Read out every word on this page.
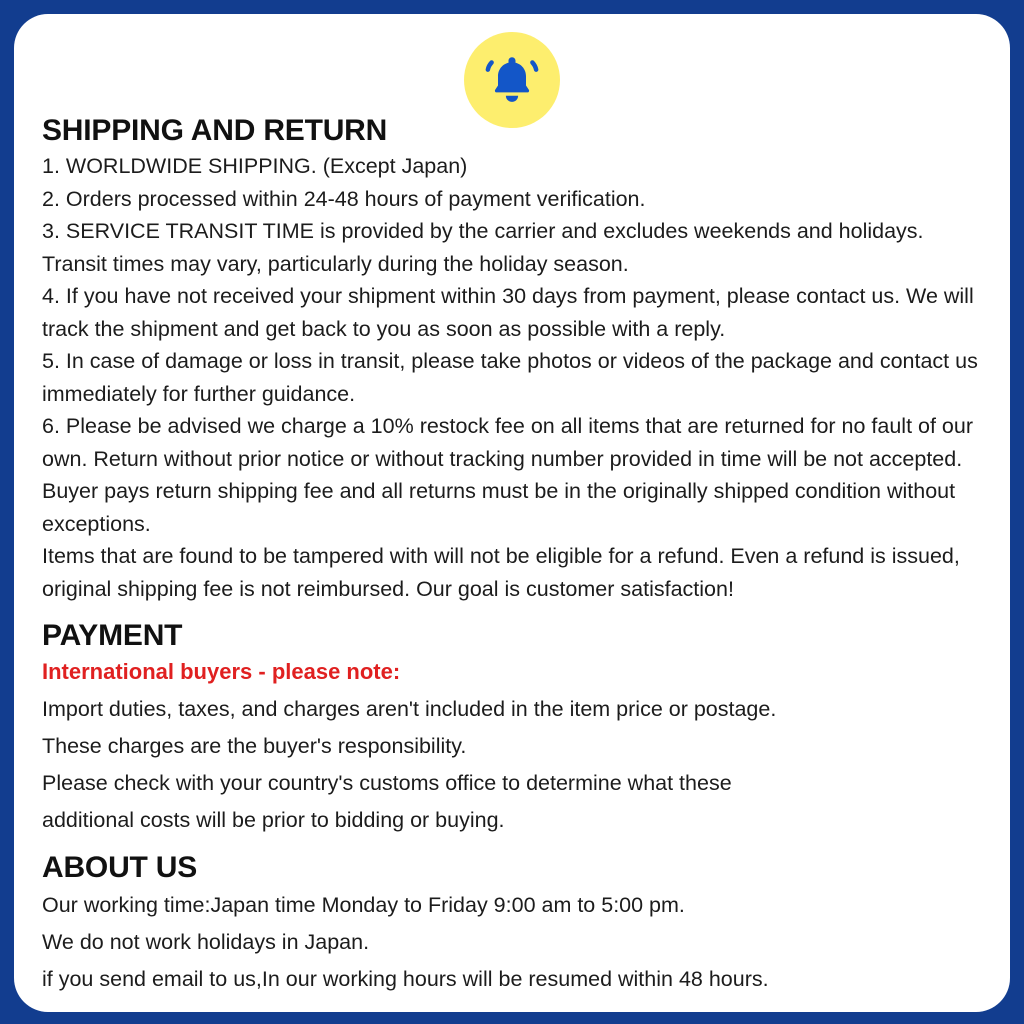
SHIPPING AND RETURN

1. WORLDWIDE SHIPPING. (Except Japan)

2. Orders processed within 24-48 hours of payment verification.

3. SERVICE TRANSIT TIME is provided by the carrier and excludes weekends and holidays. Transit times may vary, particularly during the holiday season.

4. If you have not received your shipment within 30 days from payment, please contact us. We will track the shipment and get back to you as soon as possible with a reply.

5. In case of damage or loss in transit, please take photos or videos of the package and contact us immediately for further guidance.

6. Please be advised we charge a 10% restock fee on all items that are returned for no fault of our own. Return without prior notice or without tracking number provided in time will be not accepted. Buyer pays return shipping fee and all returns must be in the originally shipped condition without exceptions.

Items that are found to be tampered with will not be eligible for a refund. Even a refund is issued, original shipping fee is not reimbursed. Our goal is customer satisfaction!

PAYMENT

International buyers - please note:

Import duties, taxes, and charges aren't included in the item price or postage.

These charges are the buyer's responsibility.

Please check with your country's customs office to determine what these

additional costs will be prior to bidding or buying.

ABOUT US

Our working time:Japan time Monday to Friday 9:00 am to 5:00 pm.

We do not work holidays in Japan.

if you send email to us,In our working hours will be resumed within 48 hours.
